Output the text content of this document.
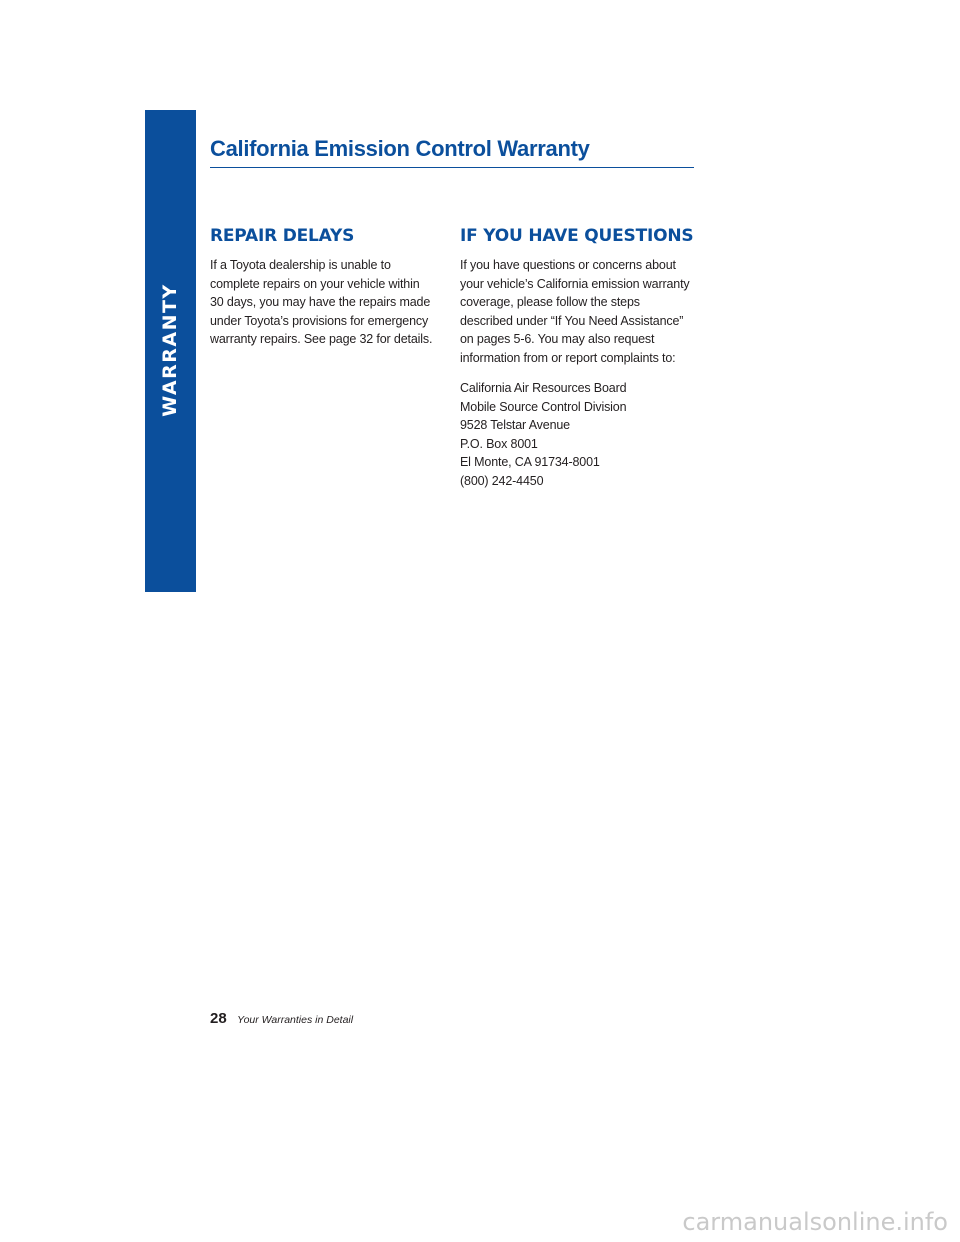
WARRANTY
California Emission Control Warranty
REPAIR DELAYS

If a Toyota dealership is unable to
complete repairs on your vehicle within
30 days, you may have the repairs made
under Toyota’s provisions for emergency
warranty repairs. See page 32 for details.

IF YOU HAVE QUESTIONS

If you have questions or concerns about
your vehicle’s California emission warranty
coverage, please follow the steps
described under “If You Need Assistance”
on pages 5-6. You may also request
information from or report complaints to:

California Air Resources Board
Mobile Source Control Division
9528 Telstar Avenue
P.O. Box 8001
El Monte, CA 91734-8001
(800) 242-4450
28 Your Warranties in Detail
carmanualsonline.info
